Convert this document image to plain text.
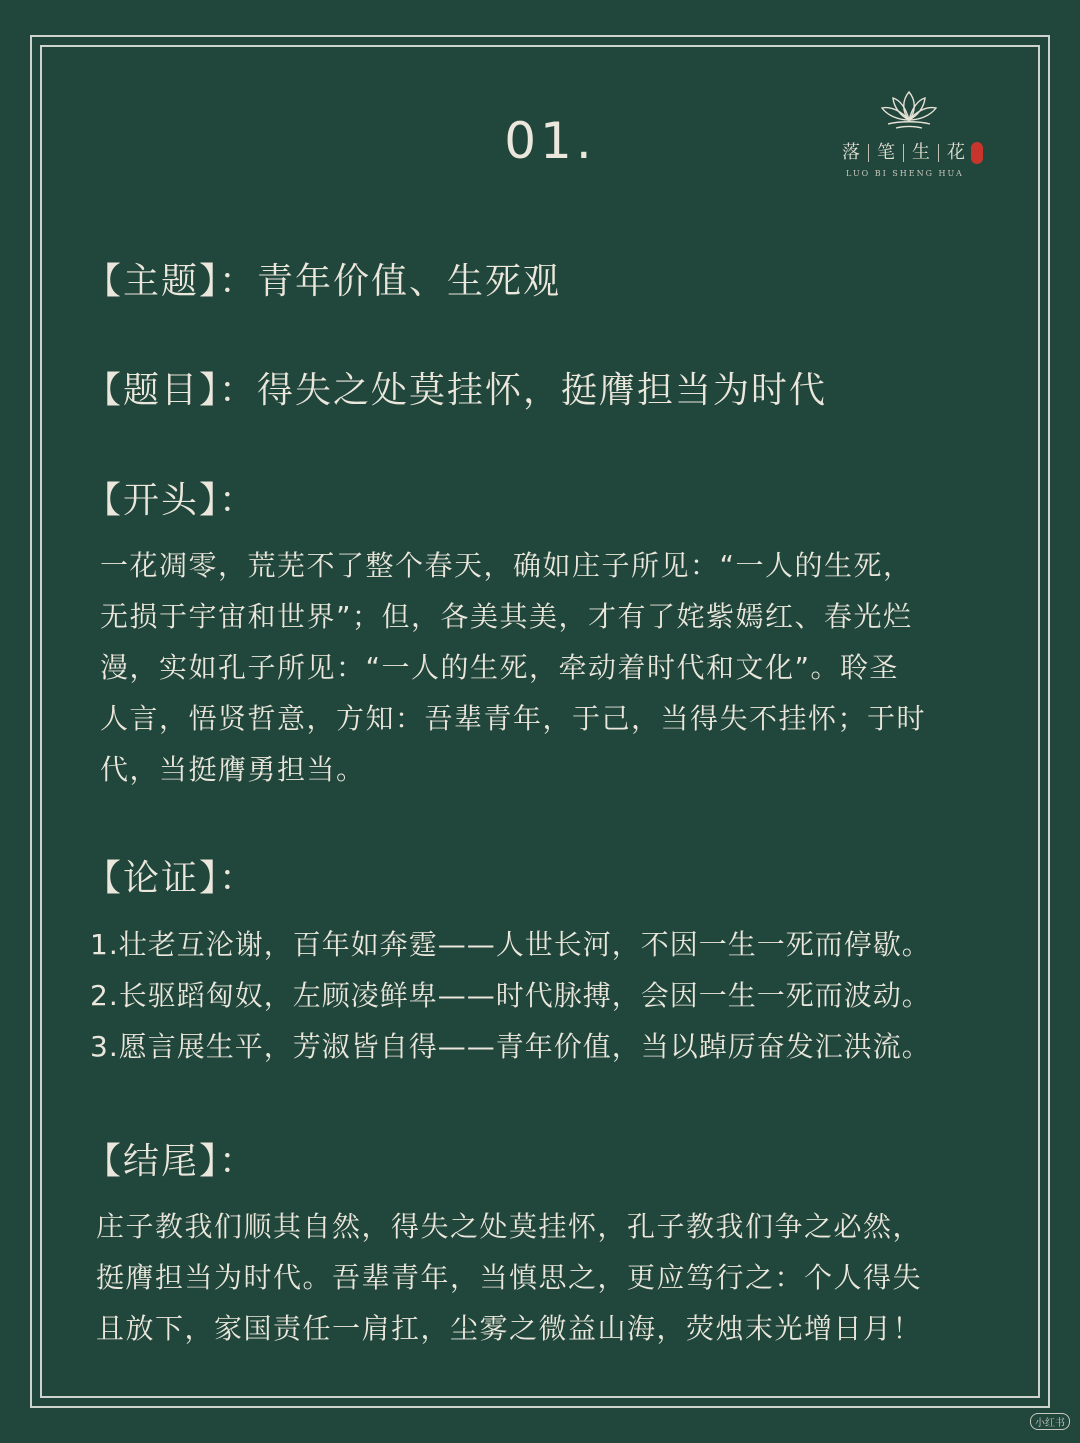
01.	落 笔 生 花
LUO BI SHENG HUA
【主题】：青年价值、生死观
【题目】：得失之处莫挂怀，挺膺担当为时代
【开头】：

一花凋零，荒芜不了整个春天，确如庄子所见：“一人的生死，

无损于宇宙和世界”；但，各美其美，才有了姹紫嫣红、春光烂

漫，实如孔子所见：“一人的生死，牵动着时代和文化”。聆圣

人言，悟贤哲意，方知：吾辈青年，于己，当得失不挂怀；于时

代，当挺膺勇担当。

【论证】：

1.壮老互沦谢，百年如奔霆——人世长河，不因一生一死而停歇。

2.长驱蹈匈奴，左顾凌鲜卑——时代脉搏，会因一生一死而波动。

3.愿言展生平，芳淑皆自得——青年价值，当以踔厉奋发汇洪流。

【结尾】：

庄子教我们顺其自然，得失之处莫挂怀，孔子教我们争之必然，

挺膺担当为时代。吾辈青年，当慎思之，更应笃行之：个人得失

且放下，家国责任一肩扛，尘雾之微益山海，荧烛末光增日月！

小红书
